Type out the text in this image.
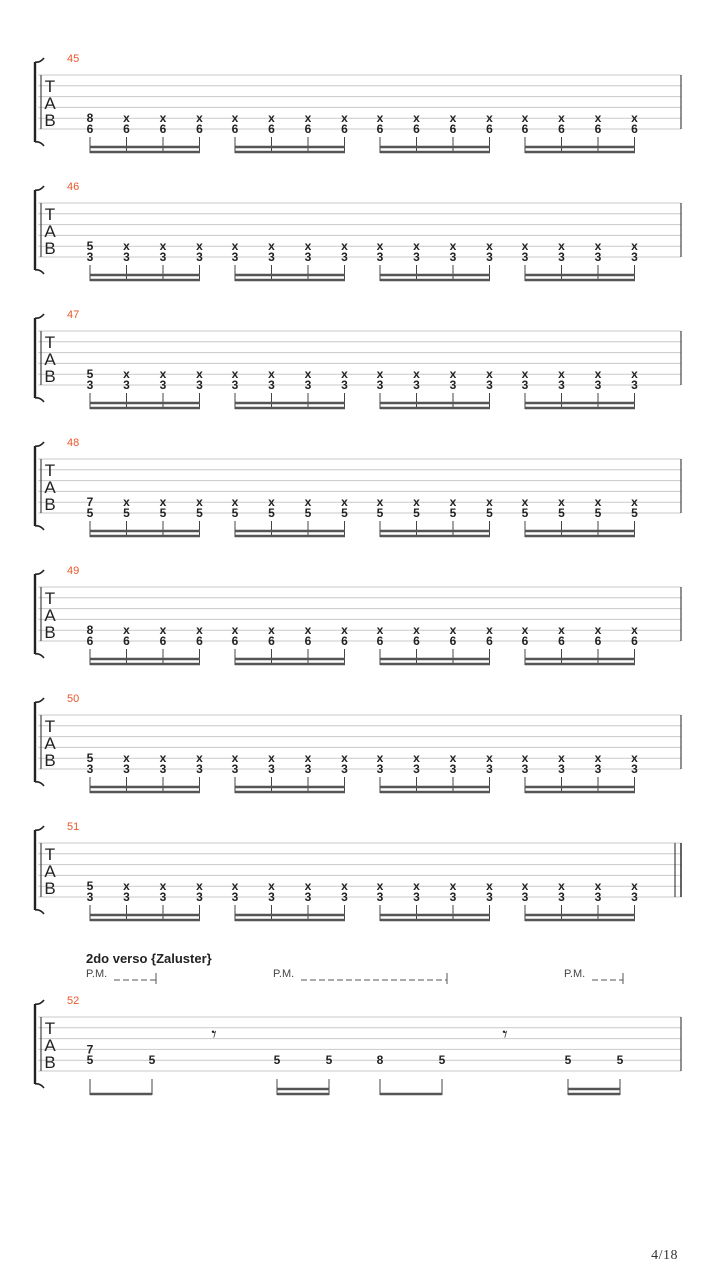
T
A
B
45
8
6
x
6
x
6
x
6
x
6
x
6
x
6
x
6
x
6
x
6
x
6
x
6
x
6
x
6
x
6
x
6
T
A
B
46
5
3
x
3
x
3
x
3
x
3
x
3
x
3
x
3
x
3
x
3
x
3
x
3
x
3
x
3
x
3
x
3
T
A
B
47
5
3
x
3
x
3
x
3
x
3
x
3
x
3
x
3
x
3
x
3
x
3
x
3
x
3
x
3
x
3
x
3
T
A
B
48
7
5
x
5
x
5
x
5
x
5
x
5
x
5
x
5
x
5
x
5
x
5
x
5
x
5
x
5
x
5
x
5
T
A
B
49
8
6
x
6
x
6
x
6
x
6
x
6
x
6
x
6
x
6
x
6
x
6
x
6
x
6
x
6
x
6
x
6
T
A
B
50
5
3
x
3
x
3
x
3
x
3
x
3
x
3
x
3
x
3
x
3
x
3
x
3
x
3
x
3
x
3
x
3
T
A
B
51
5
3
x
3
x
3
x
3
x
3
x
3
x
3
x
3
x
3
x
3
x
3
x
3
x
3
x
3
x
3
x
3
T
A
B
52
7
5	5	5	5	8	5	5	5
𝄾	𝄾
2do verso {Zaluster}
P.M.	P.M.	P.M.
4/18
